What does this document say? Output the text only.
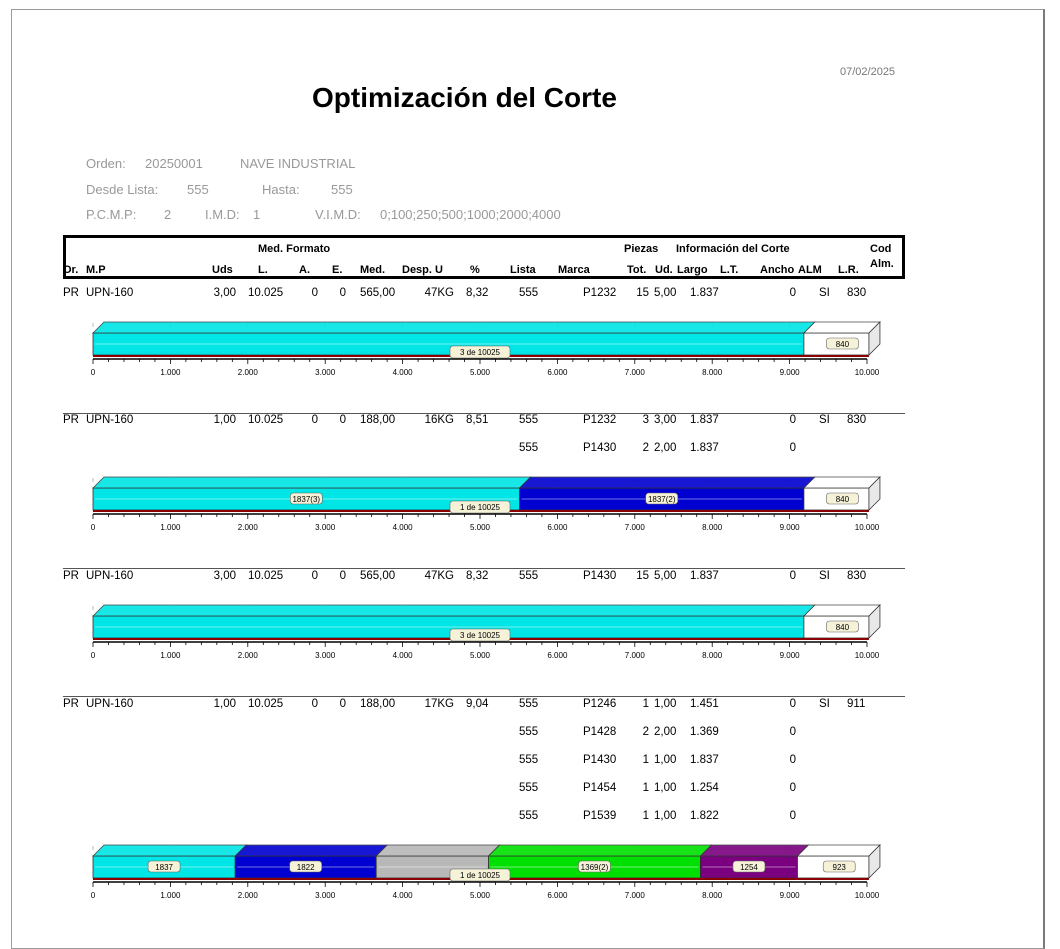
07/02/2025
Optimización del Corte
Orden: 20250001	NAVE INDUSTRIAL
Desde Lista: 555	Hasta: 555
P.C.M.P: 2	I.M.D: 1	V.I.M.D: 0;100;250;500;1000;2000;4000
Med. Formato	Piezas Información del Corte	Cod
Alm.
Or. M.P	Uds L.	A. E. Med. Desp. U %	Lista Marca	Tot. Ud. Largo L.T. Ancho ALM L.R.
PR UPN-160	3,00 10.025 0 0 565,00	47KG 8,32	555	P1232 15 5,00 1.837	0 SI 830
840
3 de 10025
0	1.000	2.000	3.000	4.000	5.000	6.000	7.000	8.000	9.000	10.000
PR UPN-160	1,00 10.025 0 0 188,00	16KG 8,51	555	P1232 3 3,00 1.837	0 SI 830
555	P1430 2 2,00 1.837	0
1837(3)	1837(2)	840
1 de 10025
0	1.000	2.000	3.000	4.000	5.000	6.000	7.000	8.000	9.000	10.000
PR UPN-160	3,00 10.025 0 0 565,00	47KG 8,32	555	P1430 15 5,00 1.837	0 SI 830
840
3 de 10025
0	1.000	2.000	3.000	4.000	5.000	6.000	7.000	8.000	9.000	10.000
PR UPN-160	1,00 10.025 0 0 188,00	17KG 9,04	555	P1246 1 1,00 1.451	0 SI 911
555	P1428 2 2,00 1.369	0
555	P1430 1 1,00 1.837	0
555	P1454 1 1,00 1.254	0
555	P1539 1 1,00 1.822	0
1837	1822	1369(2)	1254	923
1 de 10025
0	1.000	2.000	3.000	4.000	5.000	6.000	7.000	8.000	9.000	10.000
